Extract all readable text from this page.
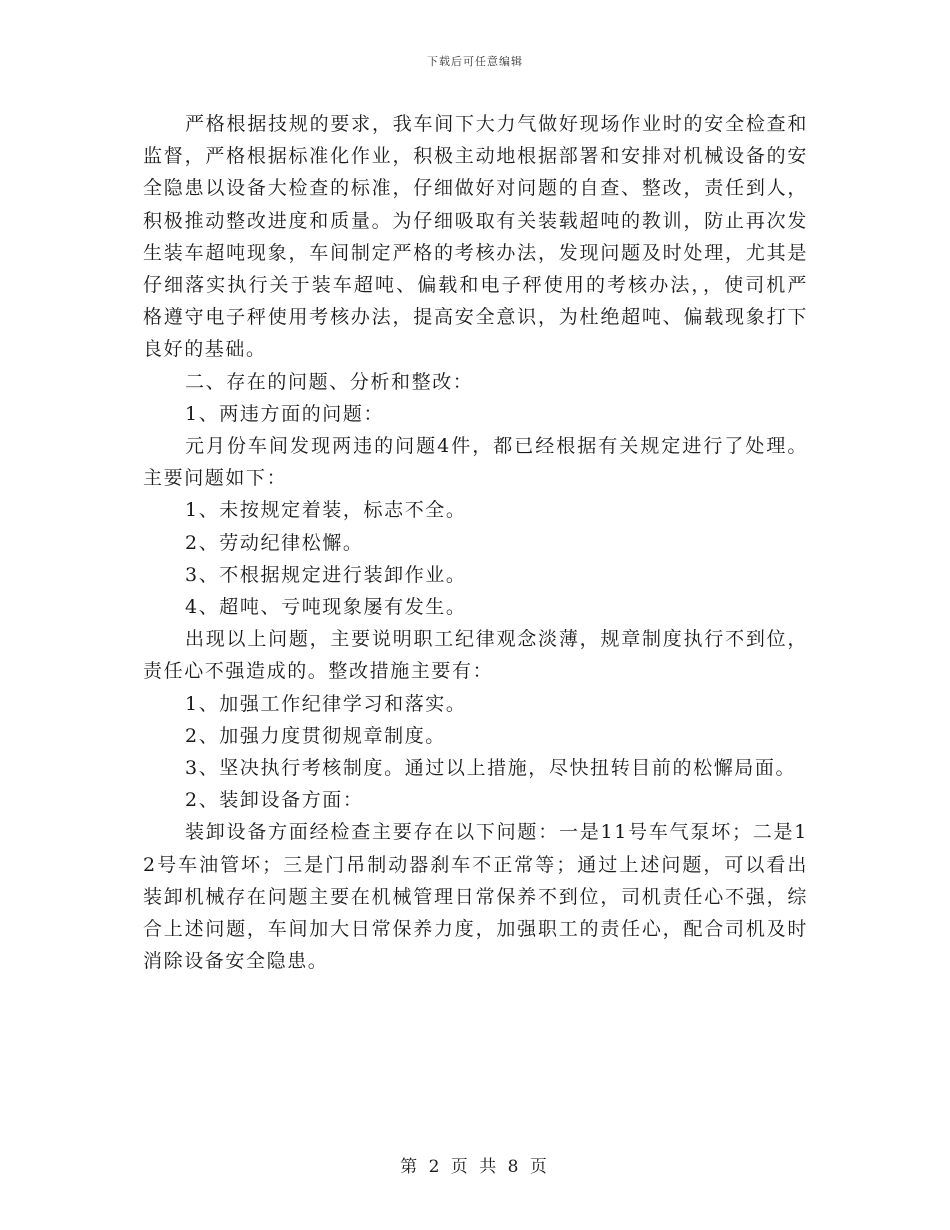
下载后可任意编辑

严格根据技规的要求，我车间下大力气做好现场作业时的安全检查和监督，严格根据标准化作业，积极主动地根据部署和安排对机械设备的安全隐患以设备大检查的标准，仔细做好对问题的自查、整改，责任到人，积极推动整改进度和质量。为仔细吸取有关装载超吨的教训，防止再次发生装车超吨现象，车间制定严格的考核办法，发现问题及时处理，尤其是仔细落实执行关于装车超吨、偏载和电子秤使用的考核办法，，使司机严格遵守电子秤使用考核办法，提高安全意识，为杜绝超吨、偏载现象打下良好的基础。

二、存在的问题、分析和整改：

1、两违方面的问题：

元月份车间发现两违的问题4件，都已经根据有关规定进行了处理。主要问题如下：

1、未按规定着装，标志不全。

2、劳动纪律松懈。

3、不根据规定进行装卸作业。

4、超吨、亏吨现象屡有发生。

出现以上问题，主要说明职工纪律观念淡薄，规章制度执行不到位，责任心不强造成的。整改措施主要有：

1、加强工作纪律学习和落实。

2、加强力度贯彻规章制度。

3、坚决执行考核制度。通过以上措施，尽快扭转目前的松懈局面。

2、装卸设备方面：

装卸设备方面经检查主要存在以下问题：一是11号车气泵坏；二是12号车油管坏；三是门吊制动器刹车不正常等；通过上述问题，可以看出装卸机械存在问题主要在机械管理日常保养不到位，司机责任心不强，综合上述问题，车间加大日常保养力度，加强职工的责任心，配合司机及时消除设备安全隐患。

第 2 页 共 8 页
